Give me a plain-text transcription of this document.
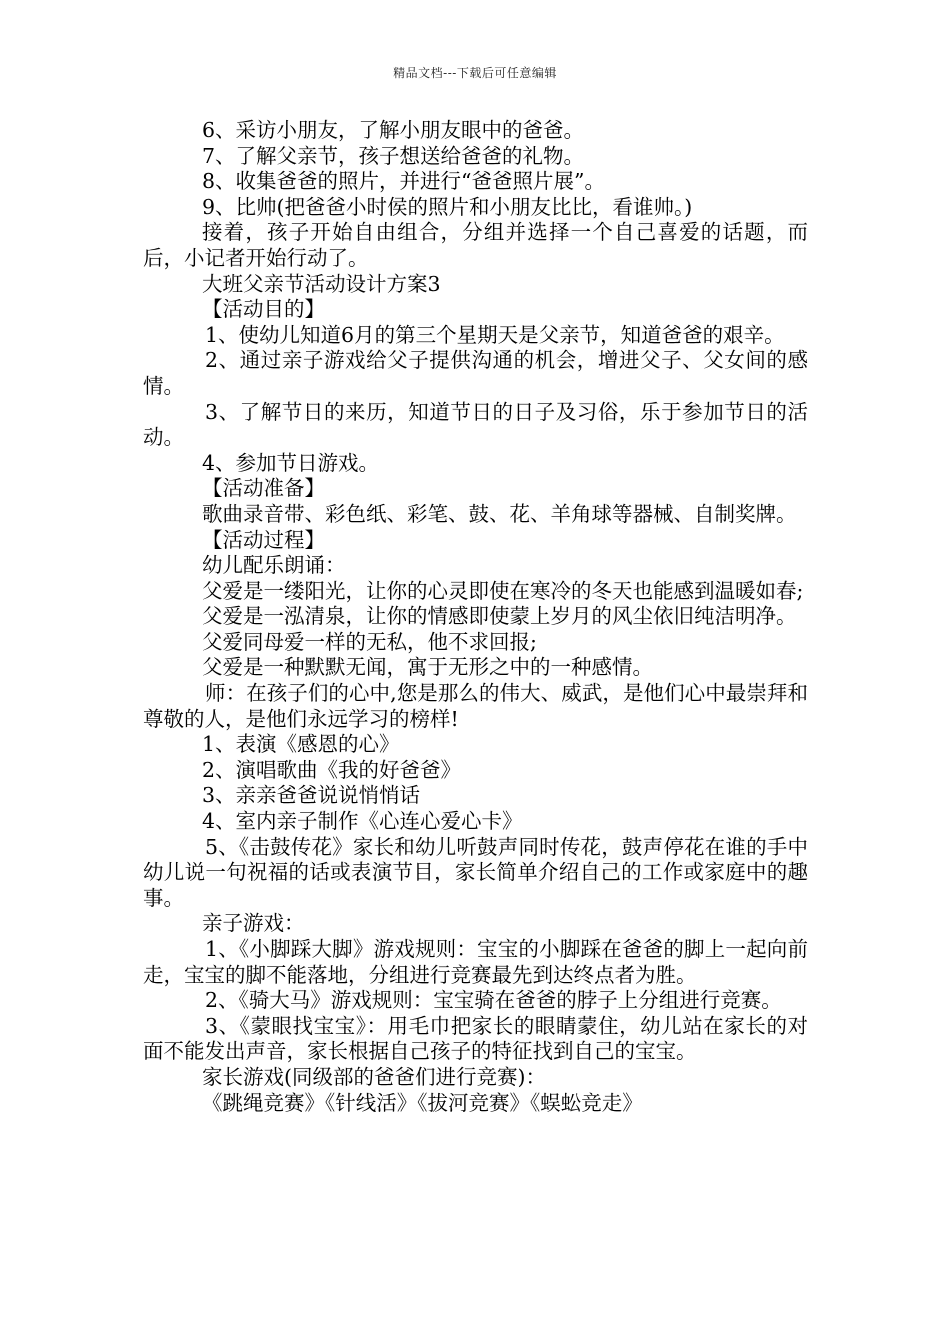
精品文档---下载后可任意编辑

6、采访小朋友，了解小朋友眼中的爸爸。

7、了解父亲节，孩子想送给爸爸的礼物。

8、收集爸爸的照片，并进行“爸爸照片展”。

9、比帅(把爸爸小时侯的照片和小朋友比比，看谁帅。)

接着，孩子开始自由组合，分组并选择一个自己喜爱的话题，而后，小记者开始行动了。

大班父亲节活动设计方案3

【活动目的】

1、使幼儿知道6月的第三个星期天是父亲节，知道爸爸的艰辛。

2、通过亲子游戏给父子提供沟通的机会，增进父子、父女间的感情。

3、了解节日的来历，知道节日的日子及习俗，乐于参加节日的活动。

4、参加节日游戏。

【活动准备】

歌曲录音带、彩色纸、彩笔、鼓、花、羊角球等器械、自制奖牌。

【活动过程】

幼儿配乐朗诵：

父爱是一缕阳光，让你的心灵即使在寒冷的冬天也能感到温暖如春;

父爱是一泓清泉，让你的情感即使蒙上岁月的风尘依旧纯洁明净。

父爱同母爱一样的无私，他不求回报;

父爱是一种默默无闻，寓于无形之中的一种感情。

师：在孩子们的心中,您是那么的伟大、威武，是他们心中最崇拜和尊敬的人，是他们永远学习的榜样!

1、表演《感恩的心》

2、演唱歌曲《我的好爸爸》

3、亲亲爸爸说说悄悄话

4、室内亲子制作《心连心爱心卡》

5、《击鼓传花》家长和幼儿听鼓声同时传花，鼓声停花在谁的手中幼儿说一句祝福的话或表演节目，家长简单介绍自己的工作或家庭中的趣事。

亲子游戏：

1、《小脚踩大脚》游戏规则：宝宝的小脚踩在爸爸的脚上一起向前走，宝宝的脚不能落地，分组进行竞赛最先到达终点者为胜。

2、《骑大马》游戏规则：宝宝骑在爸爸的脖子上分组进行竞赛。

3、《蒙眼找宝宝》：用毛巾把家长的眼睛蒙住，幼儿站在家长的对面不能发出声音，家长根据自己孩子的特征找到自己的宝宝。

家长游戏(同级部的爸爸们进行竞赛)：

《跳绳竞赛》《针线活》《拔河竞赛》《蜈蚣竞走》
